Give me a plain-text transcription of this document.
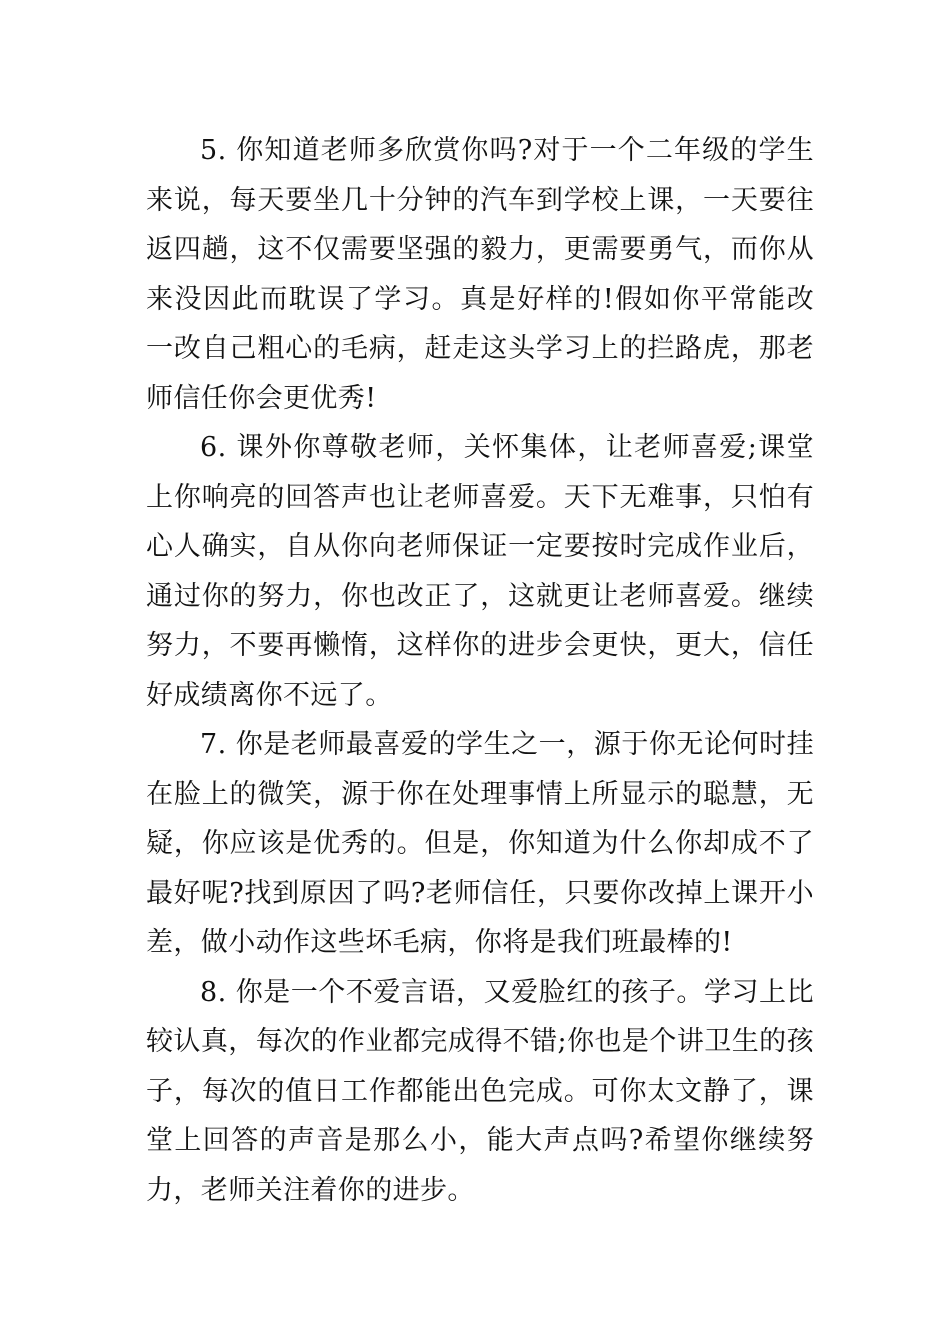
5. 你知道老师多欣赏你吗?对于一个二年级的学生来说，每天要坐几十分钟的汽车到学校上课，一天要往返四趟，这不仅需要坚强的毅力，更需要勇气，而你从来没因此而耽误了学习。真是好样的!假如你平常能改一改自己粗心的毛病，赶走这头学习上的拦路虎，那老师信任你会更优秀!

6. 课外你尊敬老师，关怀集体，让老师喜爱;课堂上你响亮的回答声也让老师喜爱。天下无难事，只怕有心人确实，自从你向老师保证一定要按时完成作业后，通过你的努力，你也改正了，这就更让老师喜爱。继续努力，不要再懒惰，这样你的进步会更快，更大，信任好成绩离你不远了。

7. 你是老师最喜爱的学生之一，源于你无论何时挂在脸上的微笑，源于你在处理事情上所显示的聪慧，无疑，你应该是优秀的。但是，你知道为什么你却成不了最好呢?找到原因了吗?老师信任，只要你改掉上课开小差，做小动作这些坏毛病，你将是我们班最棒的!

8. 你是一个不爱言语，又爱脸红的孩子。学习上比较认真，每次的作业都完成得不错;你也是个讲卫生的孩子，每次的值日工作都能出色完成。可你太文静了，课堂上回答的声音是那么小，能大声点吗?希望你继续努力，老师关注着你的进步。
